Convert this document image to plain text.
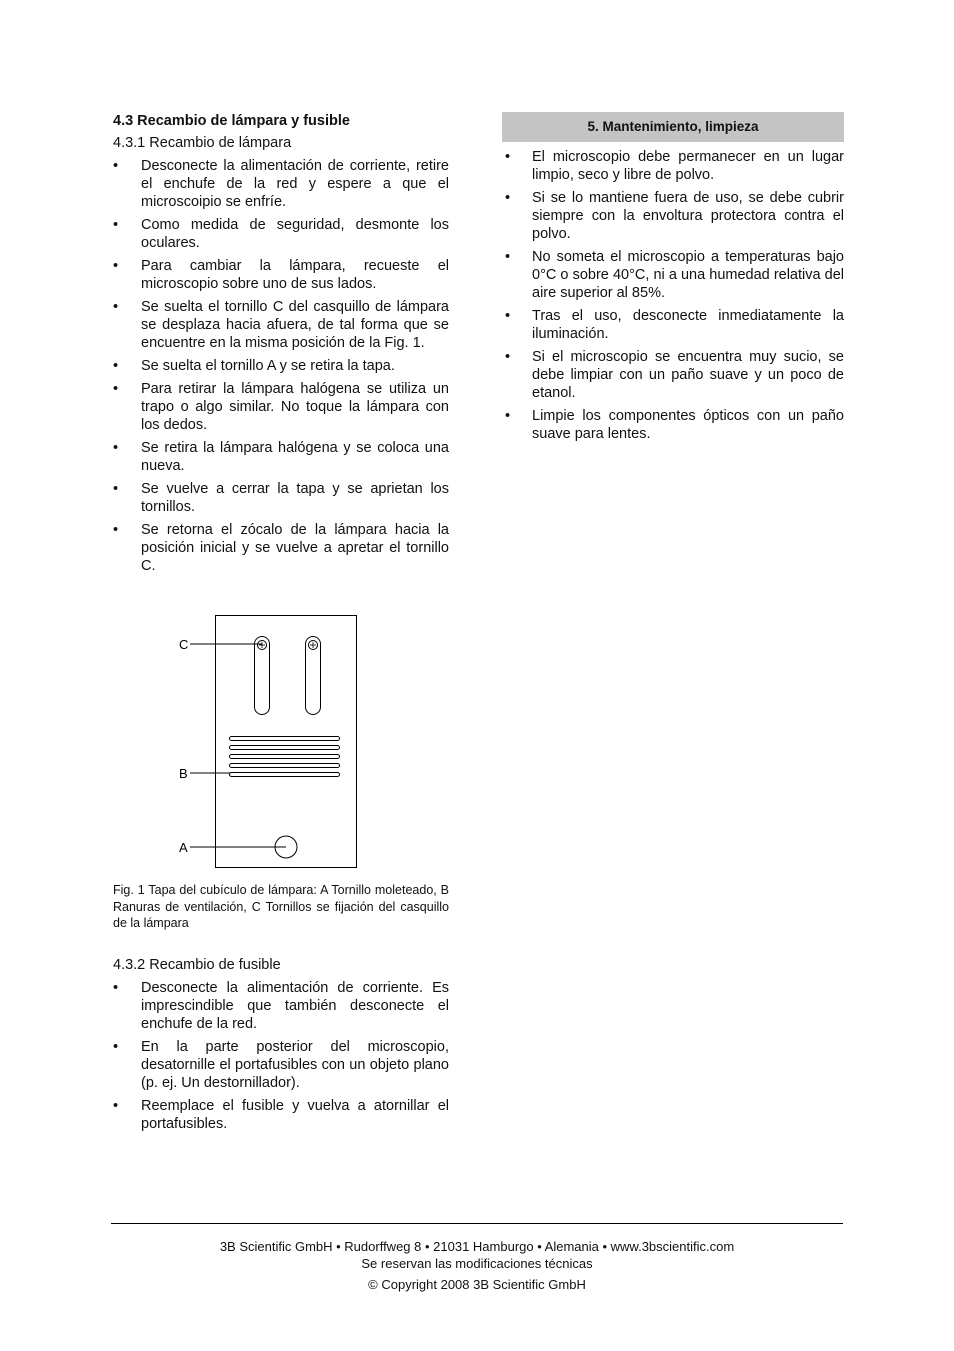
4.3 Recambio de lámpara y fusible
4.3.1 Recambio de lámpara
•	Desconecte la alimentación de corriente, retire el enchufe de la red y espere a que el microscoipio se enfríe.
•	Como medida de seguridad, desmonte los oculares.
•	Para cambiar la lámpara, recueste el microscopio sobre uno de sus lados.
•	Se suelta el tornillo C del casquillo de lámpara se desplaza hacia afuera, de tal forma que se encuentre en la misma posición de la Fig. 1.
•	Se suelta el tornillo A y se retira la tapa.
•	Para retirar la lámpara halógena se utiliza un trapo o algo similar. No toque la lámpara con los dedos.
•	Se retira la lámpara halógena y se coloca una nueva.
•	Se vuelve a cerrar la tapa y se aprietan los tornillos.
•	Se retorna el zócalo de la lámpara hacia la posición inicial y se vuelve a apretar el tornillo C.
C
B
A
Fig. 1 Tapa del cubículo de lámpara: A Tornillo moleteado, B Ranuras de ventilación, C Tornillos se fijación del casquillo de la lámpara
4.3.2 Recambio de fusible
•	Desconecte la alimentación de corriente. Es imprescindible que también desconecte el enchufe de la red.
•	En la parte posterior del microscopio, desatornille el portafusibles con un objeto plano (p. ej. Un destornillador).
•	Reemplace el fusible y vuelva a atornillar el portafusibles.
5. Mantenimiento, limpieza
•	El microscopio debe permanecer en un lugar limpio, seco y libre de polvo.
•	Si se lo mantiene fuera de uso, se debe cubrir siempre con la envoltura protectora contra el polvo.
•	No someta el microscopio a temperaturas bajo 0°C o sobre 40°C, ni a una humedad relativa del aire superior al 85%.
•	Tras el uso, desconecte inmediatamente la iluminación.
•	Si el microscopio se encuentra muy sucio, se debe limpiar con un paño suave y un poco de etanol.
•	Limpie los componentes ópticos con un paño suave para lentes.
3B Scientific GmbH • Rudorffweg 8 • 21031 Hamburgo • Alemania • www.3bscientific.com
Se reservan las modificaciones técnicas
© Copyright 2008 3B Scientific GmbH
